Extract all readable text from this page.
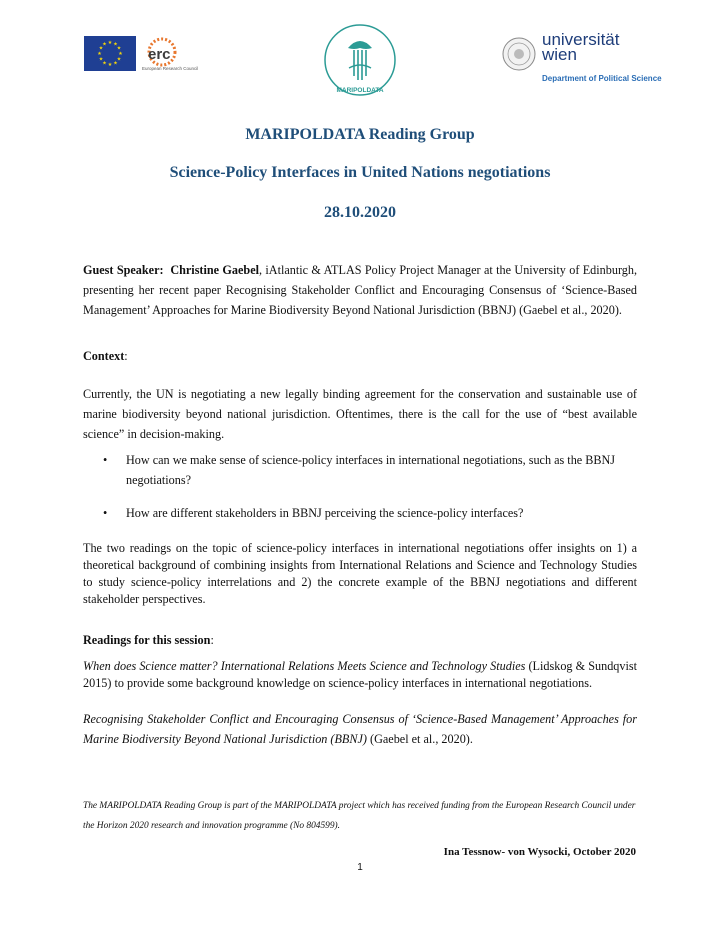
★ ★
★
★
★
★
★
★
★
★
★
★
erc
European Research Council
MARIPOLDATA
universität
wien
Department of Political Science
MARIPOLDATA Reading Group
Science-Policy Interfaces in United Nations negotiations
28.10.2020
Guest Speaker: Christine Gaebel, iAtlantic & ATLAS Policy Project Manager at the University of Edinburgh, presenting her recent paper Recognising Stakeholder Conflict and Encouraging Consensus of ‘Science-Based Management’ Approaches for Marine Biodiversity Beyond National Jurisdiction (BBNJ) (Gaebel et al., 2020).
Context:
Currently, the UN is negotiating a new legally binding agreement for the conservation and sustainable use of marine biodiversity beyond national jurisdiction. Oftentimes, there is the call for the use of “best available science” in decision-making.
• How can we make sense of science-policy interfaces in international negotiations, such as the BBNJ negotiations?
• How are different stakeholders in BBNJ perceiving the science-policy interfaces?
The two readings on the topic of science-policy interfaces in international negotiations offer insights on 1) a theoretical background of combining insights from International Relations and Science and Technology Studies to study science-policy interrelations and 2) the concrete example of the BBNJ negotiations and different stakeholder perspectives.
Readings for this session:
When does Science matter? International Relations Meets Science and Technology Studies (Lidskog & Sundqvist 2015) to provide some background knowledge on science-policy interfaces in international negotiations.
Recognising Stakeholder Conflict and Encouraging Consensus of ‘Science-Based Management’ Approaches for Marine Biodiversity Beyond National Jurisdiction (BBNJ) (Gaebel et al., 2020).
The MARIPOLDATA Reading Group is part of the MARIPOLDATA project which has received funding from the European Research Council under the Horizon 2020 research and innovation programme (No 804599).
Ina Tessnow- von Wysocki, October 2020
1
